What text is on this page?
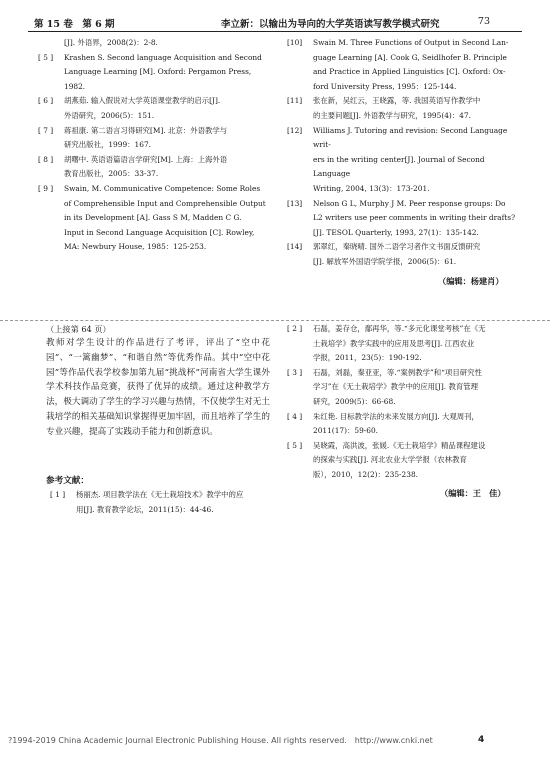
第 15 卷　第 6 期	李立新：以输出为导向的大学英语读写教学模式研究	73
[J]. 外语界，2008(2)：2-8.
[ 5 ] Krashen S. Second language Acquisition and Second
Language Learning [M]. Oxford: Pergamon Press,
1982.
[ 6 ] 胡燕茹. 输入假说对大学英语课堂教学的启示[J].
外语研究，2006(5)：151.
[ 7 ] 蒋祖康. 第二语言习得研究[M]. 北京：外语教学与
研究出版社，1999：167.
[ 8 ] 胡曙中. 英语语篇语言学研究[M]. 上海：上海外语
教育出版社，2005：33-37.
[ 9 ] Swain, M. Communicative Competence: Some Roles
of Comprehensible Input and Comprehensible Output
in its Development [A]. Gass S M, Madden C G.
Input in Second Language Acquisition [C]. Rowley,
MA: Newbury House, 1985：125-253.
[10] Swain M. Three Functions of Output in Second Lan-
guage Learning [A]. Cook G, Seidlhofer B. Principle
and Practice in Applied Linguistics [C]. Oxford: Ox-
ford University Press, 1995：125-144.
[11] 张在新，吴红云，王晓露，等. 我国英语写作教学中
的主要问题[J]. 外语教学与研究，1995(4)：47.
[12] Williams J. Tutoring and revision: Second Language writ-
ers in the writing center[J]. Journal of Second Language
Writing, 2004, 13(3)：173-201.
[13] Nelson G L, Murphy J M. Peer response groups: Do
L2 writers use peer comments in writing their drafts?
[J]. TESOL Quarterly, 1993, 27(1)：135-142.
[14] 郭翠红，秦晓晴. 国外二语学习者作文书面反馈研究
[J]. 解放军外国语学院学报，2006(5)：61.
（编辑：杨建肖）
（上接第 64 页）
教师对学生设计的作品进行了考评，评出了“空中花园”、“一篱幽梦”、“和谐自然”等优秀作品。其中“空中花园”等作品代表学校参加第九届“挑战杯”河南省大学生课外学术科技作品竞赛，获得了优异的成绩。通过这种教学方法，极大调动了学生的学习兴趣与热情，不仅使学生对无土栽培学的相关基础知识掌握得更加牢固，而且培养了学生的专业兴趣，提高了实践动手能力和创新意识。
参考文献：
[ 1 ] 杨丽杰. 项目教学法在《无土栽培技术》教学中的应
用[J]. 教育教学论坛，2011(15)：44-46.
[ 2 ] 石磊，姜存仓，鄢再华，等.“多元化课堂考核”在《无
土栽培学》教学实践中的应用及思考[J]. 江西农业
学报，2011，23(5)：190-192.
[ 3 ] 石磊，刘磊，秦亚亚，等.“案例教学”和“项目研究性
学习”在《无土栽培学》教学中的应用[J]. 教育管理
研究，2009(5)：66-68.
[ 4 ] 朱红艳. 目标教学法的未来发展方向[J]. 大观周刊，
2011(17)：59-60.
[ 5 ] 吴晓霞，高洪波，张媛.《无土栽培学》精品课程建设
的探索与实践[J]. 河北农业大学学报（农林教育
版），2010，12(2)：235-238.
（编辑：王　佳）
?1994-2019 China Academic Journal Electronic Publishing House. All rights reserved.　http://www.cnki.net	4
